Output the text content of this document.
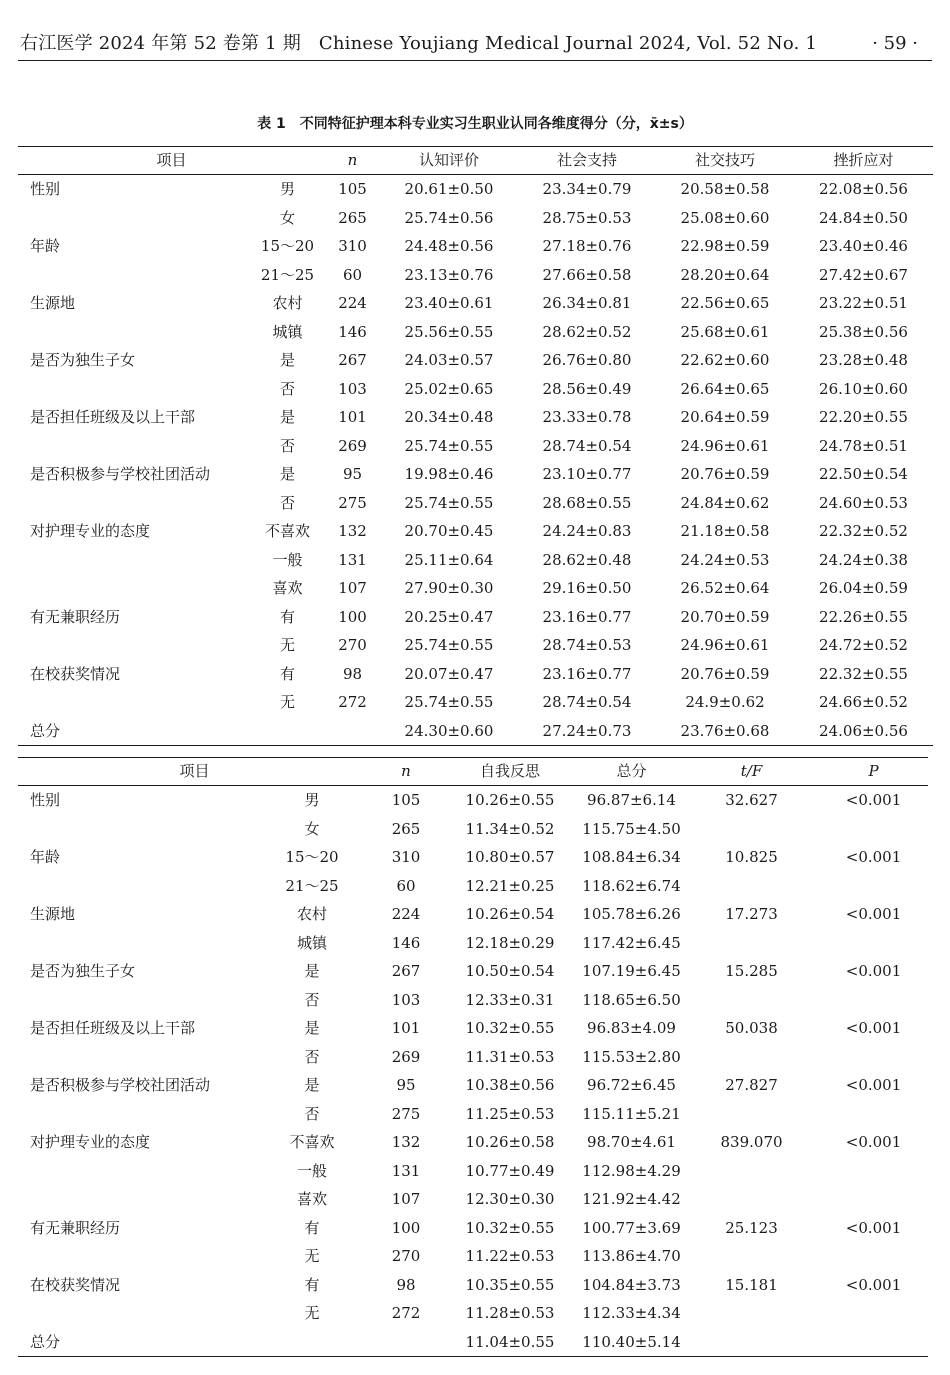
右江医学 2024 年第 52 卷第 1 期 Chinese Youjiang Medical Journal 2024, Vol. 52 No. 1	· 59 ·
表 1 不同特征护理本科专业实习生职业认同各维度得分（分，x̄±s）
项目		n	认知评价	社会支持	社交技巧	挫折应对
性别	男	105	20.61±0.50	23.34±0.79	20.58±0.58	22.08±0.56
	女	265	25.74±0.56	28.75±0.53	25.08±0.60	24.84±0.50
年龄	15～20	310	24.48±0.56	27.18±0.76	22.98±0.59	23.40±0.46
	21～25	60	23.13±0.76	27.66±0.58	28.20±0.64	27.42±0.67
生源地	农村	224	23.40±0.61	26.34±0.81	22.56±0.65	23.22±0.51
	城镇	146	25.56±0.55	28.62±0.52	25.68±0.61	25.38±0.56
是否为独生子女	是	267	24.03±0.57	26.76±0.80	22.62±0.60	23.28±0.48
	否	103	25.02±0.65	28.56±0.49	26.64±0.65	26.10±0.60
是否担任班级及以上干部	是	101	20.34±0.48	23.33±0.78	20.64±0.59	22.20±0.55
	否	269	25.74±0.55	28.74±0.54	24.96±0.61	24.78±0.51
是否积极参与学校社团活动	是	95	19.98±0.46	23.10±0.77	20.76±0.59	22.50±0.54
	否	275	25.74±0.55	28.68±0.55	24.84±0.62	24.60±0.53
对护理专业的态度	不喜欢	132	20.70±0.45	24.24±0.83	21.18±0.58	22.32±0.52
	一般	131	25.11±0.64	28.62±0.48	24.24±0.53	24.24±0.38
	喜欢	107	27.90±0.30	29.16±0.50	26.52±0.64	26.04±0.59
有无兼职经历	有	100	20.25±0.47	23.16±0.77	20.70±0.59	22.26±0.55
	无	270	25.74±0.55	28.74±0.53	24.96±0.61	24.72±0.52
在校获奖情况	有	98	20.07±0.47	23.16±0.77	20.76±0.59	22.32±0.55
	无	272	25.74±0.55	28.74±0.54	24.9±0.62	24.66±0.52
总分			24.30±0.60	27.24±0.73	23.76±0.68	24.06±0.56
项目		n	自我反思	总分	t/F	P
性别	男	105	10.26±0.55	96.87±6.14	32.627	<0.001
	女	265	11.34±0.52	115.75±4.50		
年龄	15～20	310	10.80±0.57	108.84±6.34	10.825	<0.001
	21～25	60	12.21±0.25	118.62±6.74		
生源地	农村	224	10.26±0.54	105.78±6.26	17.273	<0.001
	城镇	146	12.18±0.29	117.42±6.45		
是否为独生子女	是	267	10.50±0.54	107.19±6.45	15.285	<0.001
	否	103	12.33±0.31	118.65±6.50		
是否担任班级及以上干部	是	101	10.32±0.55	96.83±4.09	50.038	<0.001
	否	269	11.31±0.53	115.53±2.80		
是否积极参与学校社团活动	是	95	10.38±0.56	96.72±6.45	27.827	<0.001
	否	275	11.25±0.53	115.11±5.21		
对护理专业的态度	不喜欢	132	10.26±0.58	98.70±4.61	839.070	<0.001
	一般	131	10.77±0.49	112.98±4.29		
	喜欢	107	12.30±0.30	121.92±4.42		
有无兼职经历	有	100	10.32±0.55	100.77±3.69	25.123	<0.001
	无	270	11.22±0.53	113.86±4.70		
在校获奖情况	有	98	10.35±0.55	104.84±3.73	15.181	<0.001
	无	272	11.28±0.53	112.33±4.34		
总分			11.04±0.55	110.40±5.14		
